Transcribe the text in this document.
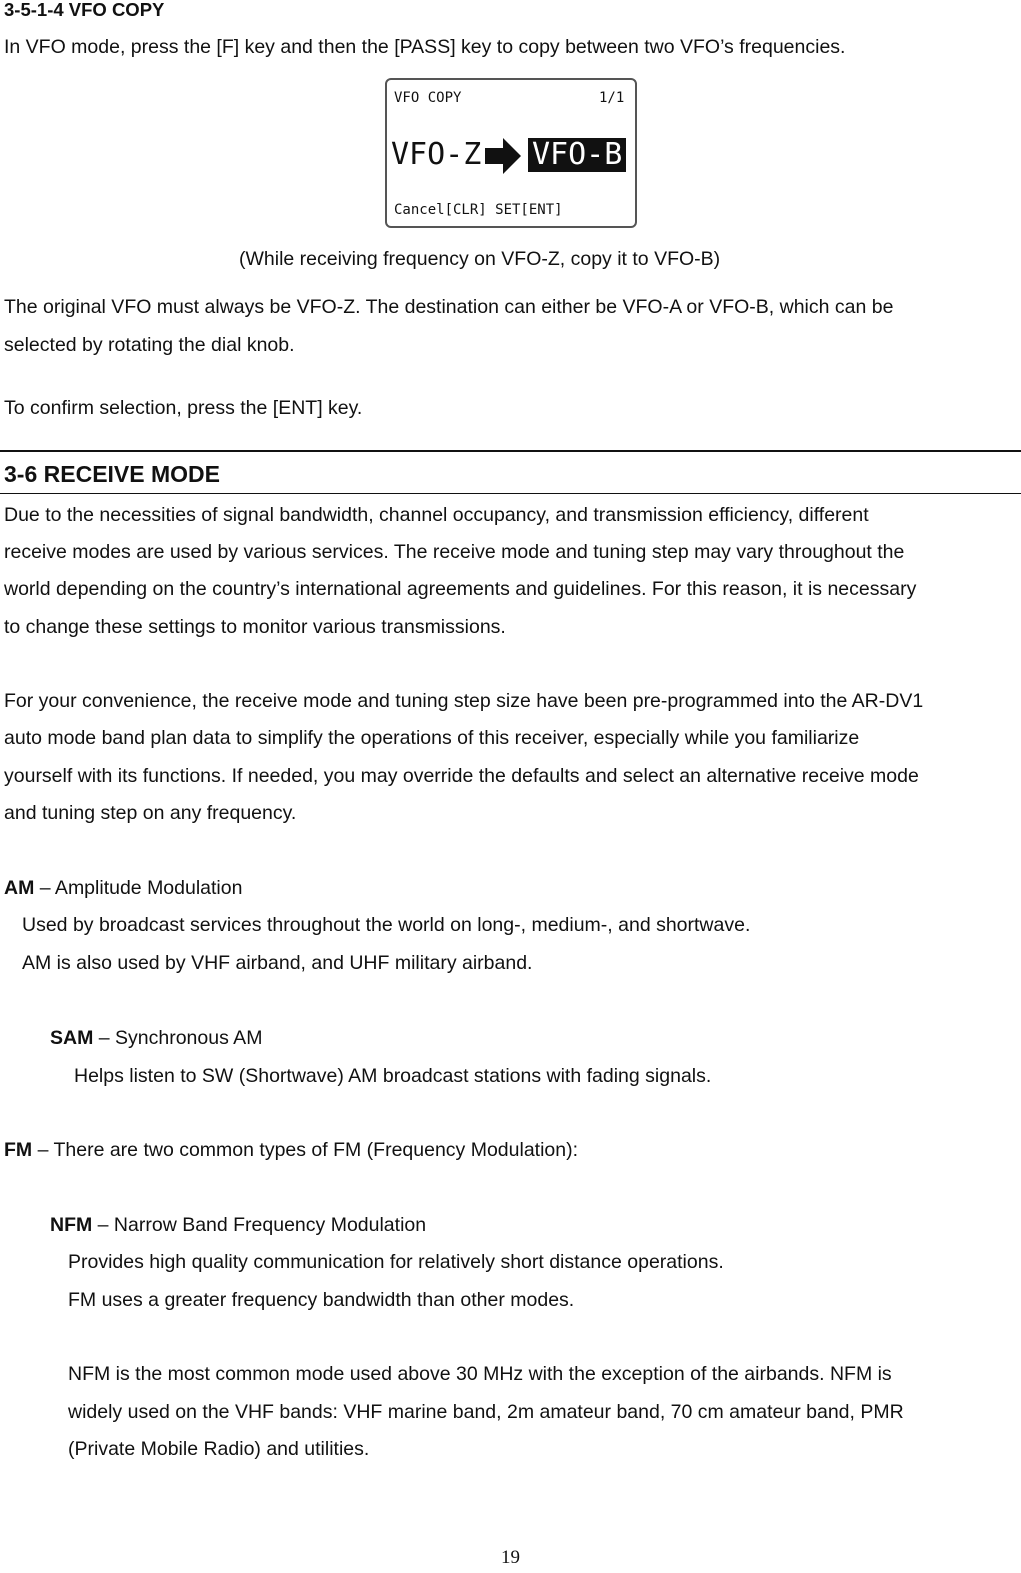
3-5-1-4 VFO COPY
In VFO mode, press the [F] key and then the [PASS] key to copy between two VFO’s frequencies.
VFO COPY	1/1
VFO-Z VFO-B
Cancel[CLR] SET[ENT]
(While receiving frequency on VFO-Z, copy it to VFO-B)
The original VFO must always be VFO-Z. The destination can either be VFO-A or VFO-B, which can be
selected by rotating the dial knob.
To confirm selection, press the [ENT] key.
3-6 RECEIVE MODE
Due to the necessities of signal bandwidth, channel occupancy, and transmission efficiency, different
receive modes are used by various services. The receive mode and tuning step may vary throughout the
world depending on the country’s international agreements and guidelines. For this reason, it is necessary
to change these settings to monitor various transmissions.
For your convenience, the receive mode and tuning step size have been pre-programmed into the AR-DV1
auto mode band plan data to simplify the operations of this receiver, especially while you familiarize
yourself with its functions. If needed, you may override the defaults and select an alternative receive mode
and tuning step on any frequency.
AM – Amplitude Modulation
Used by broadcast services throughout the world on long-, medium-, and shortwave.
AM is also used by VHF airband, and UHF military airband.
SAM – Synchronous AM
Helps listen to SW (Shortwave) AM broadcast stations with fading signals.
FM – There are two common types of FM (Frequency Modulation):
NFM – Narrow Band Frequency Modulation
Provides high quality communication for relatively short distance operations.
FM uses a greater frequency bandwidth than other modes.
NFM is the most common mode used above 30 MHz with the exception of the airbands. NFM is
widely used on the VHF bands: VHF marine band, 2m amateur band, 70 cm amateur band, PMR
(Private Mobile Radio) and utilities.
19
